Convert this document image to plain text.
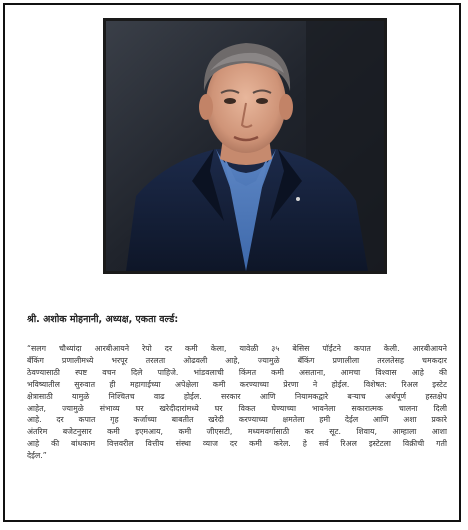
श्री. अशोक मोहनानी, अध्यक्ष, एकता वर्ल्ड:
“सलग चौथ्यांदा आरबीआयने रेपो दर कमी केला, यावेळी ३५ बेसिस पॉईंटने कपात केली. आरबीआयने
बँकिंग प्रणालीमध्ये भरपूर तरलता ओढवली आहे, ज्यामुळे बँकिंग प्रणालीला तरलतेसह चमकदार
ठेवण्यासाठी स्पष्ट वचन दिले पाहिजे. भांडवलाची किंमत कमी असताना, आमचा विश्वास आहे की
भविष्यातील सुरुवात ही महागाईच्या अपेक्षेला कमी करण्याच्या प्रेरणा ने होईल. विशेषत: रिअल इस्टेट
क्षेत्रासाठी यामुळे निश्चितच वाढ होईल. सरकार आणि नियामकद्वारे बऱ्याच अर्थपूर्ण हस्तक्षेप
आहेत, ज्यामुळे संभाव्य घर खरेदीदारांमध्ये घर विकत घेण्याच्या भावनेला सकारात्मक चालना दिली
आहे. दर कपात गृह कर्जाच्या बाबतीत खरेदी करण्याच्या क्षमतेला हमी देईल आणि अशा प्रकारे
अंतरिम बजेटनुसार कमी इएमआय, कमी जीएसटी, मध्यमवर्गासाठी कर सूट. शिवाय, आम्हाला आशा
आहे की बांधकाम वित्तवरील वित्तीय संस्था व्याज दर कमी करेल. हे सर्व रिअल इस्टेटला विक्रीची गती
देईल.”
